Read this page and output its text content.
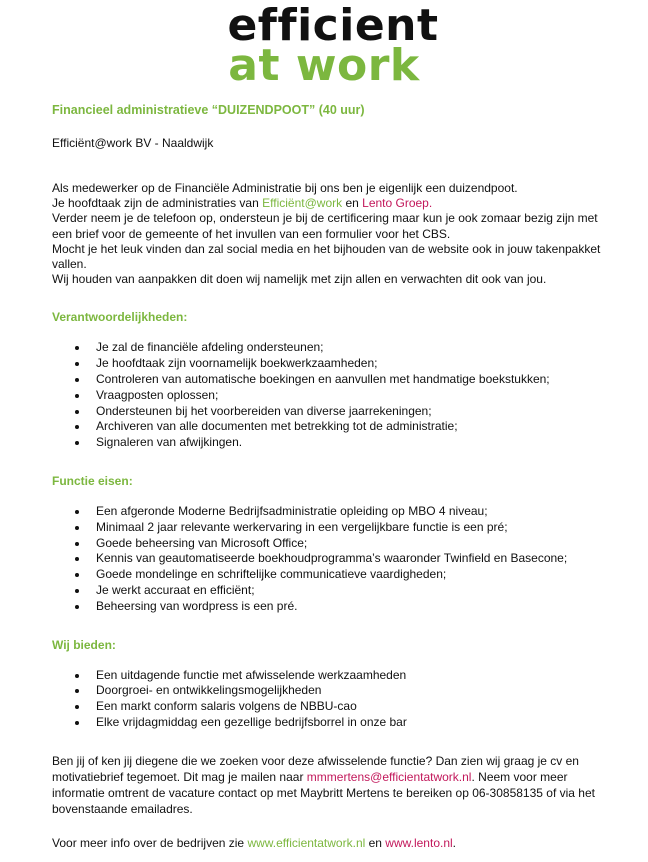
efficient
at work

Financieel administratieve “DUIZENDPOOT” (40 uur)

Efficiënt@work BV - Naaldwijk

Als medewerker op de Financiële Administratie bij ons ben je eigenlijk een duizendpoot.

Je hoofdtaak zijn de administraties van Efficiënt@work en Lento Groep.

Verder neem je de telefoon op, ondersteun je bij de certificering maar kun je ook zomaar bezig zijn met een brief voor de gemeente of het invullen van een formulier voor het CBS.

Mocht je het leuk vinden dan zal social media en het bijhouden van de website ook in jouw takenpakket vallen.

Wij houden van aanpakken dit doen wij namelijk met zijn allen en verwachten dit ook van jou.

Verantwoordelijkheden:

Je zal de financiële afdeling ondersteunen;
Je hoofdtaak zijn voornamelijk boekwerkzaamheden;
Controleren van automatische boekingen en aanvullen met handmatige boekstukken;
Vraagposten oplossen;
Ondersteunen bij het voorbereiden van diverse jaarrekeningen;
Archiveren van alle documenten met betrekking tot de administratie;
Signaleren van afwijkingen.

Functie eisen:

Een afgeronde Moderne Bedrijfsadministratie opleiding op MBO 4 niveau;
Minimaal 2 jaar relevante werkervaring in een vergelijkbare functie is een pré;
Goede beheersing van Microsoft Office;
Kennis van geautomatiseerde boekhoudprogramma’s waaronder Twinfield en Basecone;
Goede mondelinge en schriftelijke communicatieve vaardigheden;
Je werkt accuraat en efficiënt;
Beheersing van wordpress is een pré.

Wij bieden:

Een uitdagende functie met afwisselende werkzaamheden
Doorgroei- en ontwikkelingsmogelijkheden
Een markt conform salaris volgens de NBBU-cao
Elke vrijdagmiddag een gezellige bedrijfsborrel in onze bar

Ben jij of ken jij diegene die we zoeken voor deze afwisselende functie? Dan zien wij graag je cv en motivatiebrief tegemoet. Dit mag je mailen naar mmmertens@efficientatwork.nl. Neem voor meer informatie omtrent de vacature contact op met Maybritt Mertens te bereiken op 06-30858135 of via het bovenstaande emailadres.

Voor meer info over de bedrijven zie www.efficientatwork.nl en www.lento.nl.
